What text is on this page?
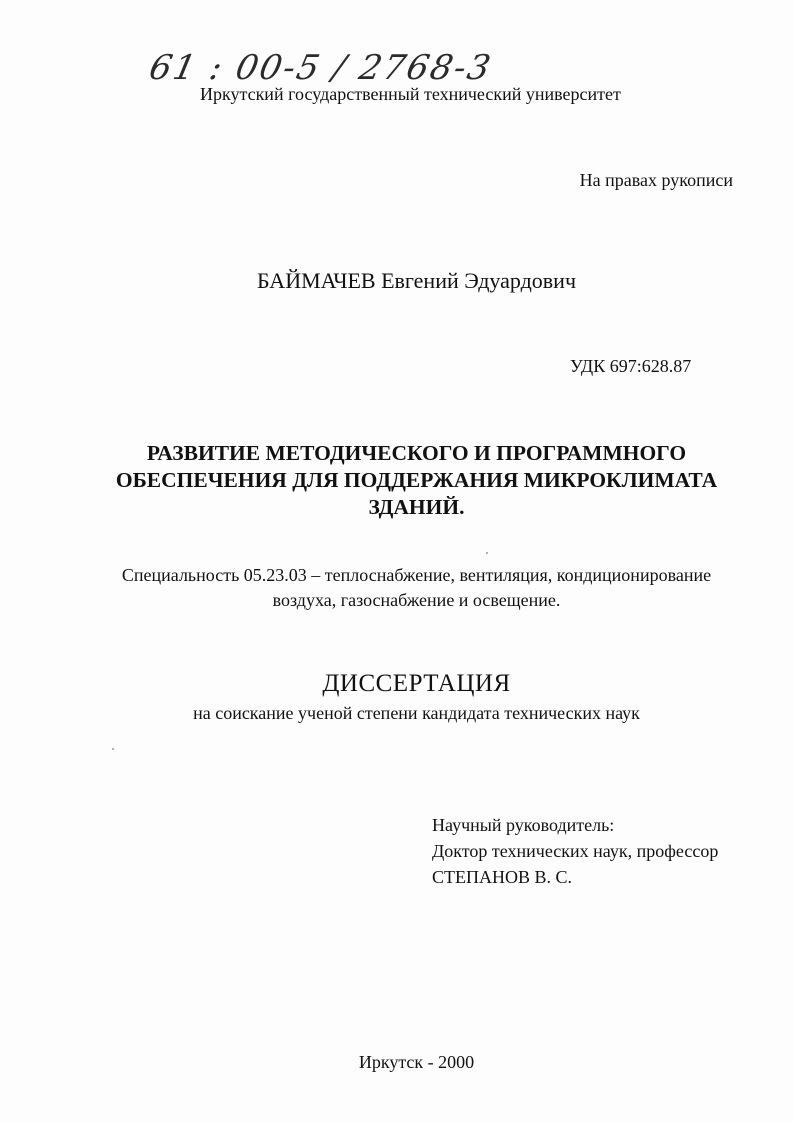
61 : 00-5 / 2768-3
Иркутский государственный технический университет
На правах рукописи
БАЙМАЧЕВ Евгений Эдуардович
УДК 697:628.87
РАЗВИТИЕ МЕТОДИЧЕСКОГО И ПРОГРАММНОГО
ОБЕСПЕЧЕНИЯ ДЛЯ ПОДДЕРЖАНИЯ МИКРОКЛИМАТА
ЗДАНИЙ.
Специальность 05.23.03 – теплоснабжение, вентиляция, кондиционирование
воздуха, газоснабжение и освещение.
ДИССЕРТАЦИЯ
на соискание ученой степени кандидата технических наук
Научный руководитель:
Доктор технических наук, профессор
СТЕПАНОВ В. С.
Иркутск - 2000
